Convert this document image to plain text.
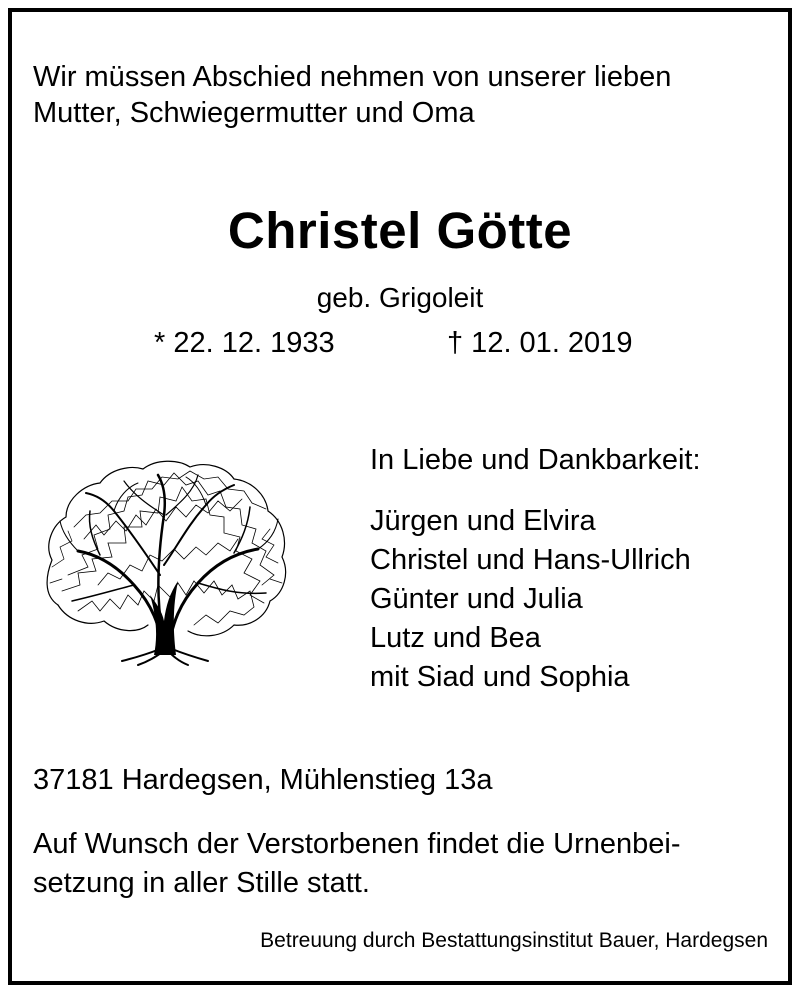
Wir müssen Abschied nehmen von unserer lieben
Mutter, Schwiegermutter und Oma
Christel Götte
geb. Grigoleit
* 22. 12. 1933	† 12. 01. 2019
In Liebe und Dankbarkeit:
Jürgen und Elvira
Christel und Hans-Ullrich
Günter und Julia
Lutz und Bea
mit Siad und Sophia
37181 Hardegsen, Mühlenstieg 13a
Auf Wunsch der Verstorbenen findet die Urnenbei-
setzung in aller Stille statt.
Betreuung durch Bestattungsinstitut Bauer, Hardegsen
